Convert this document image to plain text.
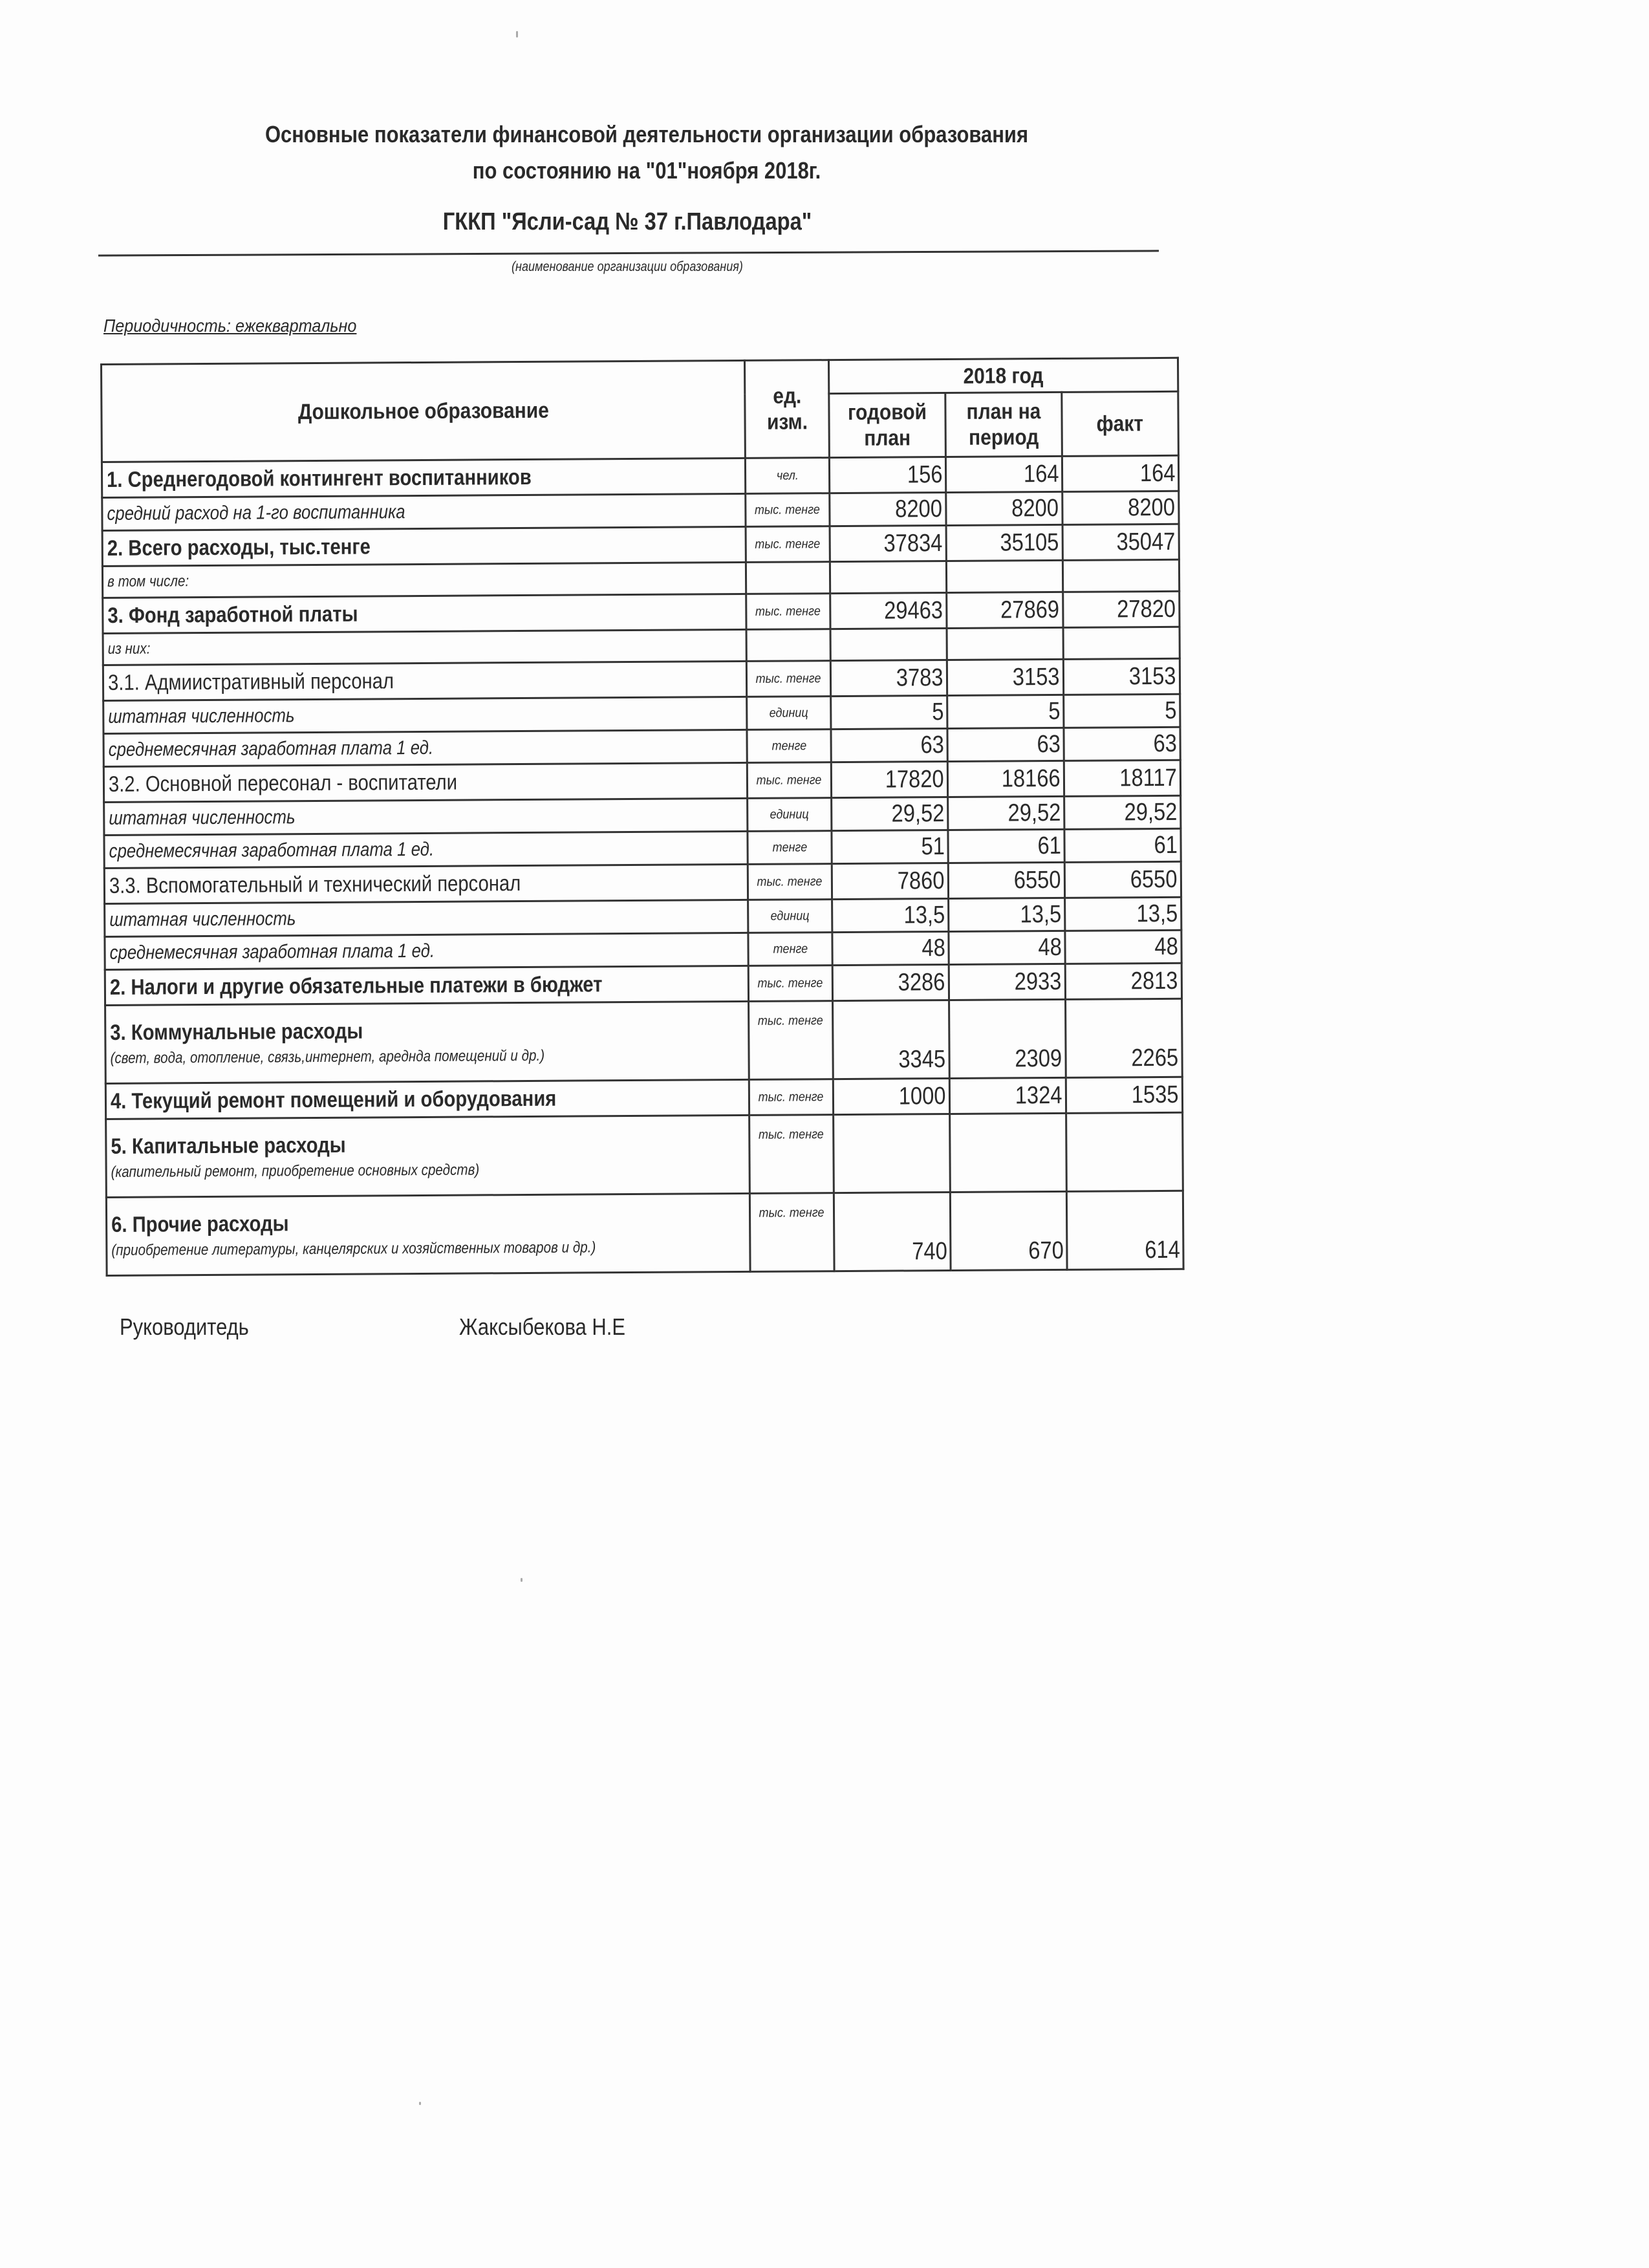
Основные показатели финансовой деятельности организации образования
по состоянию на "01"ноября 2018г.
ГККП "Ясли-сад № 37 г.Павлодара"
(наименование организации образования)
Периодичность: ежеквартально
Дошкольное образование	ед. изм.	2018 год		
		годовой план	план на период	факт

1. Среднегодовой контингент воспитанников	чел.	156	164	164

средний расход на 1-го воспитанника	тыс. тенге	8200	8200	8200

2. Всего расходы, тыс.тенге	тыс. тенге	37834	35105	35047

в том числе:				

3. Фонд заработной платы	тыс. тенге	29463	27869	27820

из них:				

3.1. Адмиистративный персонал	тыс. тенге	3783	3153	3153

штатная численность	единиц	5	5	5

среднемесячная заработная плата 1 ед.	тенге	63	63	63

3.2. Основной пересонал - воспитатели	тыс. тенге	17820	18166	18117

штатная численность	единиц	29,52	29,52	29,52

среднемесячная заработная плата 1 ед.	тенге	51	61	61

3.3. Вспомогательный и технический персонал	тыс. тенге	7860	6550	6550

штатная численность	единиц	13,5	13,5	13,5

среднемесячная заработная плата 1 ед.	тенге	48	48	48

2. Налоги и другие обязательные платежи в бюджет	тыс. тенге	3286	2933	2813

3. Коммунальные расходы
(свет, вода, отопление, связь,интернет, арeднда помещений и др.)	тыс. тенге	3345	2309	2265

4. Текущий ремонт помещений и оборудования	тыс. тенге	1000	1324	1535

5. Капитальные расходы
(капительный ремонт, приобретение основных средств)	тыс. тенге			

6. Прочие расходы
(приобретение литературы, канцелярских и хозяйственных товаров и др.)	тыс. тенге	740	670	614
Руководитедь	Жаксыбекова Н.Е
